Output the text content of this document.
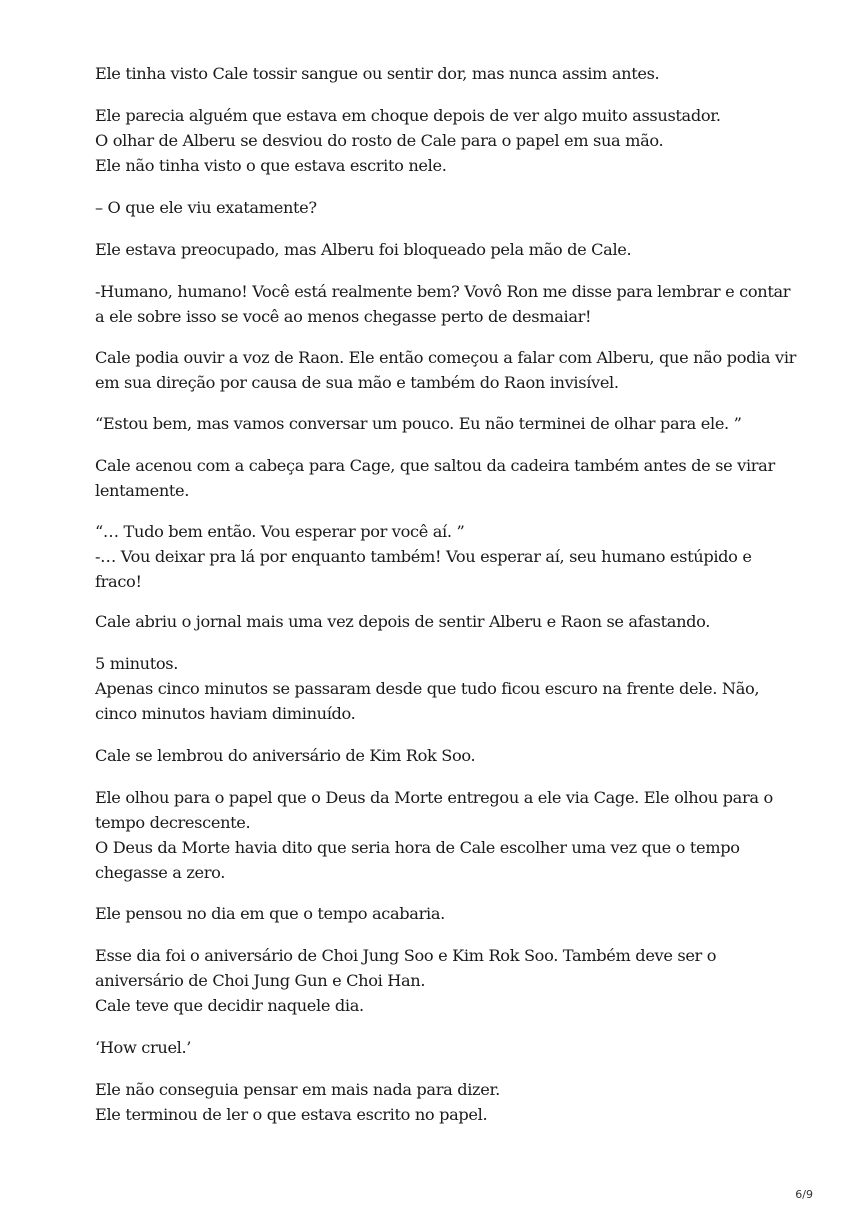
Ele tinha visto Cale tossir sangue ou sentir dor, mas nunca assim antes.

Ele parecia alguém que estava em choque depois de ver algo muito assustador.
O olhar de Alberu se desviou do rosto de Cale para o papel em sua mão.
Ele não tinha visto o que estava escrito nele.

– O que ele viu exatamente?

Ele estava preocupado, mas Alberu foi bloqueado pela mão de Cale.

-Humano, humano! Você está realmente bem? Vovô Ron me disse para lembrar e contar
a ele sobre isso se você ao menos chegasse perto de desmaiar!

Cale podia ouvir a voz de Raon. Ele então começou a falar com Alberu, que não podia vir
em sua direção por causa de sua mão e também do Raon invisível.

“Estou bem, mas vamos conversar um pouco. Eu não terminei de olhar para ele. ”

Cale acenou com a cabeça para Cage, que saltou da cadeira também antes de se virar
lentamente.

“… Tudo bem então. Vou esperar por você aí. ”
-… Vou deixar pra lá por enquanto também! Vou esperar aí, seu humano estúpido e
fraco!

Cale abriu o jornal mais uma vez depois de sentir Alberu e Raon se afastando.

5 minutos.
Apenas cinco minutos se passaram desde que tudo ficou escuro na frente dele. Não,
cinco minutos haviam diminuído.

Cale se lembrou do aniversário de Kim Rok Soo.

Ele olhou para o papel que o Deus da Morte entregou a ele via Cage. Ele olhou para o
tempo decrescente.
O Deus da Morte havia dito que seria hora de Cale escolher uma vez que o tempo
chegasse a zero.

Ele pensou no dia em que o tempo acabaria.

Esse dia foi o aniversário de Choi Jung Soo e Kim Rok Soo. Também deve ser o
aniversário de Choi Jung Gun e Choi Han.
Cale teve que decidir naquele dia.

‘How cruel.’

Ele não conseguia pensar em mais nada para dizer.
Ele terminou de ler o que estava escrito no papel.

6/9
